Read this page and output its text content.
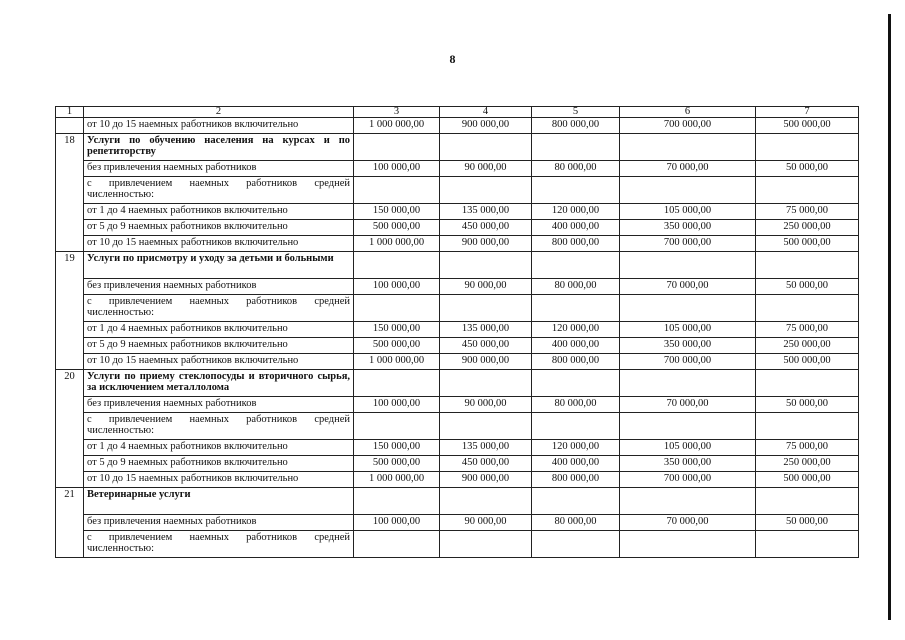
8
1	2	3	4	5	6	7
	от 10 до 15 наемных работников включительно	1 000 000,00	900 000,00	800 000,00	700 000,00	500 000,00
18	Услуги по обучению населения на курсах и по репетиторству					
	без привлечения наемных работников	100 000,00	90 000,00	80 000,00	70 000,00	50 000,00
	с привлечением наемных работников средней численностью:					
	от 1 до 4 наемных работников включительно	150 000,00	135 000,00	120 000,00	105 000,00	75 000,00
	от 5 до 9 наемных работников включительно	500 000,00	450 000,00	400 000,00	350 000,00	250 000,00
	от 10 до 15 наемных работников включительно	1 000 000,00	900 000,00	800 000,00	700 000,00	500 000,00
19	Услуги по присмотру и уходу за детьми и больными					
	без привлечения наемных работников	100 000,00	90 000,00	80 000,00	70 000,00	50 000,00
	с привлечением наемных работников средней численностью:					
	от 1 до 4 наемных работников включительно	150 000,00	135 000,00	120 000,00	105 000,00	75 000,00
	от 5 до 9 наемных работников включительно	500 000,00	450 000,00	400 000,00	350 000,00	250 000,00
	от 10 до 15 наемных работников включительно	1 000 000,00	900 000,00	800 000,00	700 000,00	500 000,00
20	Услуги по приему стеклопосуды и вторичного сырья, за исключением металлолома					
	без привлечения наемных работников	100 000,00	90 000,00	80 000,00	70 000,00	50 000,00
	с привлечением наемных работников средней численностью:					
	от 1 до 4 наемных работников включительно	150 000,00	135 000,00	120 000,00	105 000,00	75 000,00
	от 5 до 9 наемных работников включительно	500 000,00	450 000,00	400 000,00	350 000,00	250 000,00
	от 10 до 15 наемных работников включительно	1 000 000,00	900 000,00	800 000,00	700 000,00	500 000,00
21	Ветеринарные услуги					
	без привлечения наемных работников	100 000,00	90 000,00	80 000,00	70 000,00	50 000,00
	с привлечением наемных работников средней численностью:					
